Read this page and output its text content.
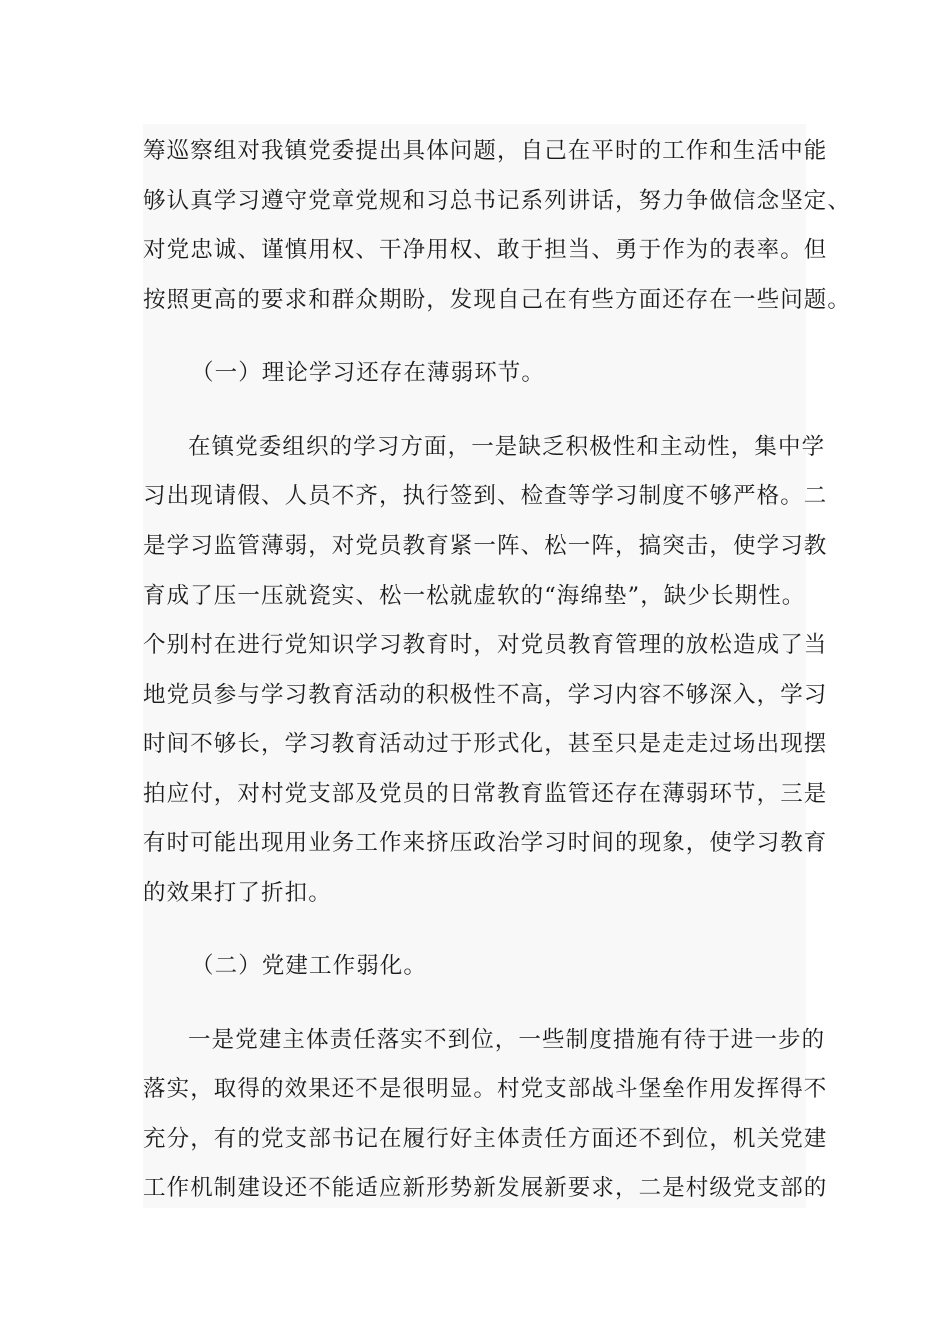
筹巡察组对我镇党委提出具体问题，自己在平时的工作和生活中能
够认真学习遵守党章党规和习总书记系列讲话，努力争做信念坚定、
对党忠诚、谨慎用权、干净用权、敢于担当、勇于作为的表率。但
按照更高的要求和群众期盼，发现自己在有些方面还存在一些问题。
（一）理论学习还存在薄弱环节。
在镇党委组织的学习方面，一是缺乏积极性和主动性，集中学
习出现请假、人员不齐，执行签到、检查等学习制度不够严格。二
是学习监管薄弱，对党员教育紧一阵、松一阵，搞突击，使学习教
育成了压一压就瓷实、松一松就虚软的“海绵垫”，缺少长期性。
个别村在进行党知识学习教育时，对党员教育管理的放松造成了当
地党员参与学习教育活动的积极性不高，学习内容不够深入，学习
时间不够长，学习教育活动过于形式化，甚至只是走走过场出现摆
拍应付，对村党支部及党员的日常教育监管还存在薄弱环节，三是
有时可能出现用业务工作来挤压政治学习时间的现象，使学习教育
的效果打了折扣。
（二）党建工作弱化。
一是党建主体责任落实不到位，一些制度措施有待于进一步的
落实，取得的效果还不是很明显。村党支部战斗堡垒作用发挥得不
充分，有的党支部书记在履行好主体责任方面还不到位，机关党建
工作机制建设还不能适应新形势新发展新要求，二是村级党支部的
